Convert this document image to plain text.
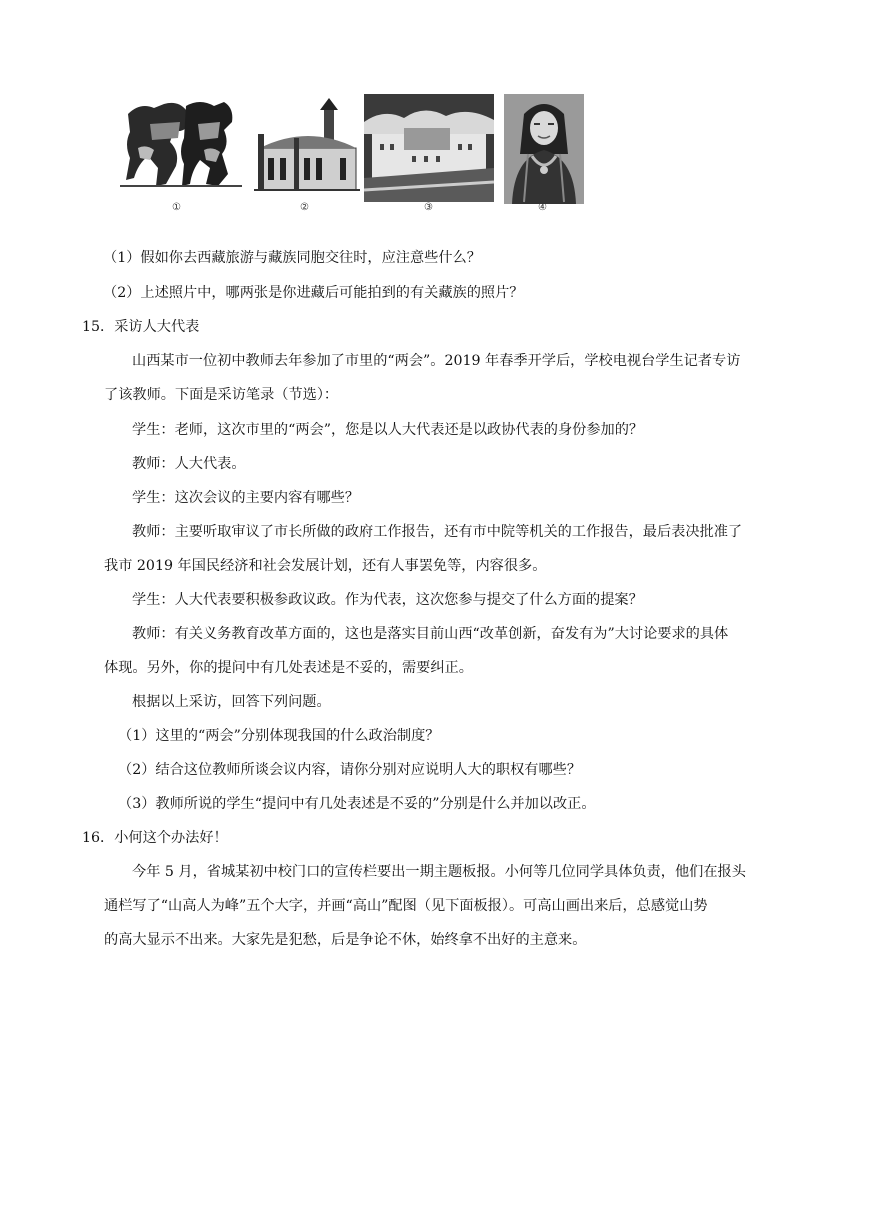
①	②	③	④
（1）假如你去西藏旅游与藏族同胞交往时，应注意些什么？
（2）上述照片中，哪两张是你进藏后可能拍到的有关藏族的照片？
15．采访人大代表
山西某市一位初中教师去年参加了市里的“两会”。2019 年春季开学后，学校电视台学生记者专访
了该教师。下面是采访笔录（节选）：
学生：老师，这次市里的“两会”，您是以人大代表还是以政协代表的身份参加的？
教师：人大代表。
学生：这次会议的主要内容有哪些？
教师：主要听取审议了市长所做的政府工作报告，还有市中院等机关的工作报告，最后表决批准了
我市 2019 年国民经济和社会发展计划，还有人事罢免等，内容很多。
学生：人大代表要积极参政议政。作为代表，这次您参与提交了什么方面的提案？
教师：有关义务教育改革方面的，这也是落实目前山西“改革创新，奋发有为”大讨论要求的具体
体现。另外，你的提问中有几处表述是不妥的，需要纠正。
根据以上采访，回答下列问题。
（1）这里的“两会”分别体现我国的什么政治制度？
（2）结合这位教师所谈会议内容，请你分别对应说明人大的职权有哪些？
（3）教师所说的学生“提问中有几处表述是不妥的”分别是什么并加以改正。
16．小何这个办法好！
今年 5 月，省城某初中校门口的宣传栏要出一期主题板报。小何等几位同学具体负责，他们在报头
通栏写了“山高人为峰”五个大字，并画“高山”配图（见下面板报）。可高山画出来后，总感觉山势
的高大显示不出来。大家先是犯愁，后是争论不休，始终拿不出好的主意来。
